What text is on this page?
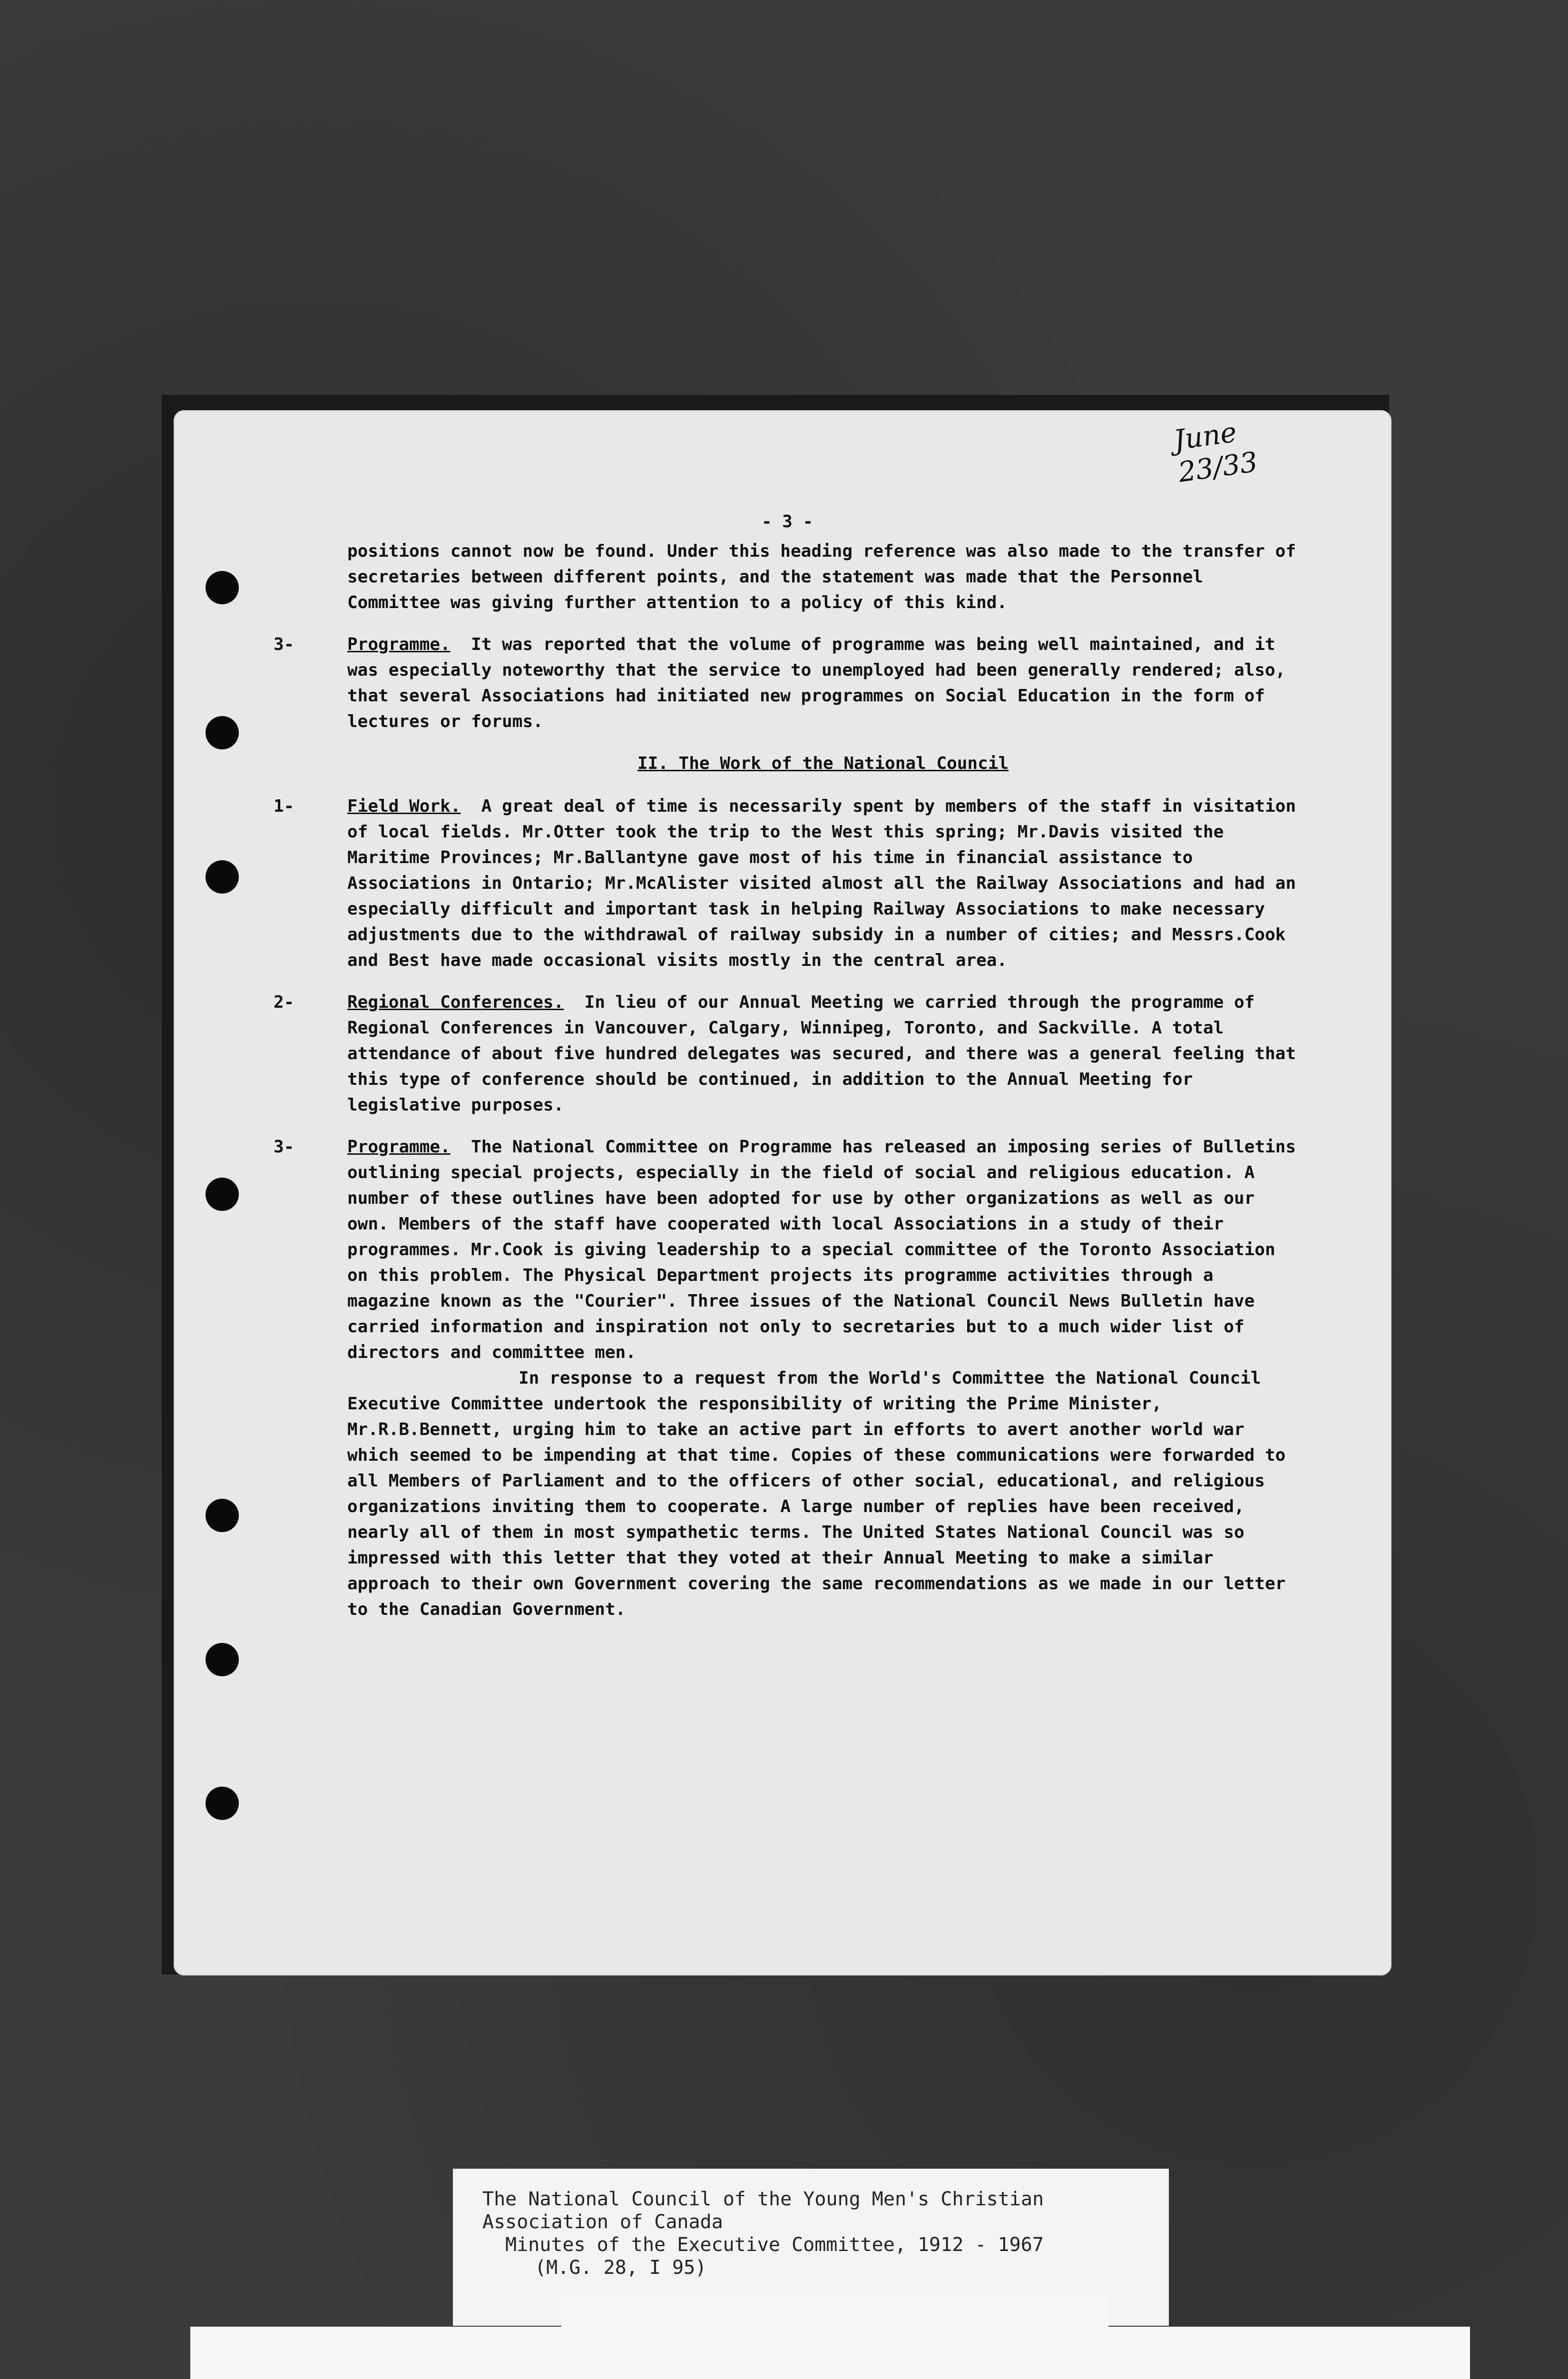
June 23/33
- 3 -

positions cannot now be found. Under this heading reference was also made to the transfer of secretaries between different points, and the statement was made that the Personnel Committee was giving further attention to a policy of this kind.

3-	Programme. It was reported that the volume of programme was being well maintained, and it was especially noteworthy that the service to unemployed had been generally rendered; also, that several Associations had initiated new programmes on Social Education in the form of lectures or forums.

II. The Work of the National Council
1-	Field Work. A great deal of time is necessarily spent by members of the staff in visitation of local fields. Mr.Otter took the trip to the West this spring; Mr.Davis visited the Maritime Provinces; Mr.Ballantyne gave most of his time in financial assistance to Associations in Ontario; Mr.McAlister visited almost all the Railway Associations and had an especially difficult and important task in helping Railway Associations to make necessary adjustments due to the withdrawal of railway subsidy in a number of cities; and Messrs.Cook and Best have made occasional visits mostly in the central area.

2-	Regional Conferences. In lieu of our Annual Meeting we carried through the programme of Regional Conferences in Vancouver, Calgary, Winnipeg, Toronto, and Sackville. A total attendance of about five hundred delegates was secured, and there was a general feeling that this type of conference should be continued, in addition to the Annual Meeting for legislative purposes.

3-	Programme. The National Committee on Programme has released an imposing series of Bulletins outlining special projects, especially in the field of social and religious education. A number of these outlines have been adopted for use by other organizations as well as our own. Members of the staff have cooperated with local Associations in a study of their programmes. Mr.Cook is giving leadership to a special committee of the Toronto Association on this problem. The Physical Department projects its programme activities through a magazine known as the "Courier". Three issues of the National Council News Bulletin have carried information and inspiration not only to secretaries but to a much wider list of directors and committee men.

In response to a request from the World's Committee the National Council Executive Committee undertook the responsibility of writing the Prime Minister, Mr.R.B.Bennett, urging him to take an active part in efforts to avert another world war which seemed to be impending at that time. Copies of these communications were forwarded to all Members of Parliament and to the officers of other social, educational, and religious organizations inviting them to cooperate. A large number of replies have been received, nearly all of them in most sympathetic terms. The United States National Council was so impressed with this letter that they voted at their Annual Meeting to make a similar approach to their own Government covering the same recommendations as we made in our letter to the Canadian Government.

The National Council of the Young Men's Christian
Association of Canada
Minutes of the Executive Committee, 1912 - 1967
(M.G. 28, I 95)
